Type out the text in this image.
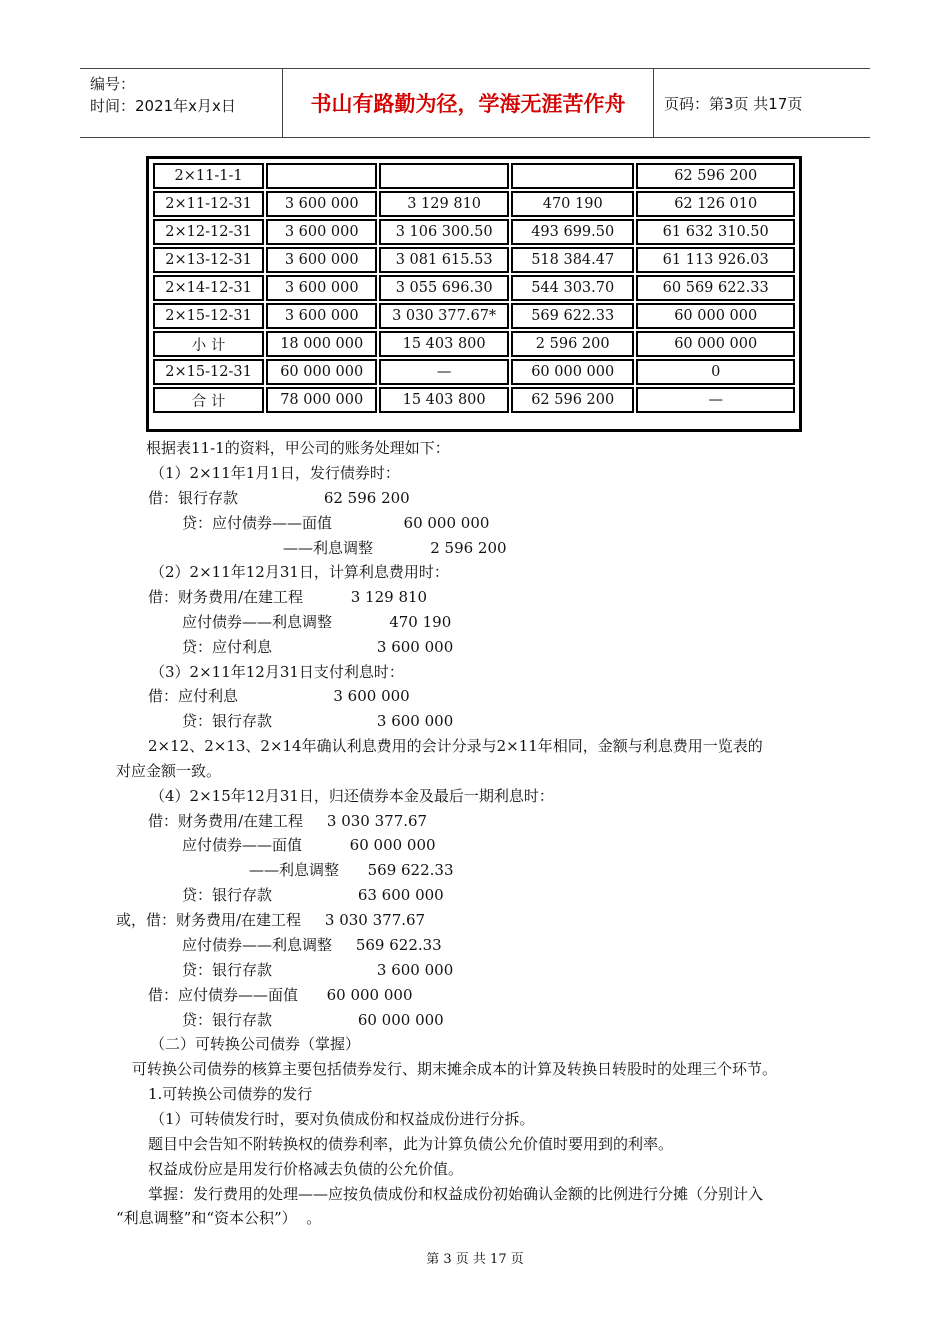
编号：
时间：2021年x月x日	书山有路勤为径，学海无涯苦作舟	页码：第3页 共17页
2×11-1-1				62 596 200
2×11-12-31	3 600 000	3 129 810	470 190	62 126 010
2×12-12-31	3 600 000	3 106 300.50	493 699.50	61 632 310.50
2×13-12-31	3 600 000	3 081 615.53	518 384.47	61 113 926.03
2×14-12-31	3 600 000	3 055 696.30	544 303.70	60 569 622.33
2×15-12-31	3 600 000	3 030 377.67*	569 622.33	60 000 000
小 计	18 000 000	15 403 800	2 596 200	60 000 000
2×15-12-31	60 000 000	—	60 000 000	0
合 计	78 000 000	15 403 800	62 596 200	—
根据表11-1的资料，甲公司的账务处理如下：
（1）2×11年1月1日，发行债券时：
借：银行存款                  62 596 200
贷：应付债券——面值               60 000 000
——利息调整            2 596 200
（2）2×11年12月31日，计算利息费用时：
借：财务费用/在建工程          3 129 810
应付债券——利息调整            470 190
贷：应付利息                      3 600 000
（3）2×11年12月31日支付利息时：
借：应付利息                    3 600 000
贷：银行存款                      3 600 000
2×12、2×13、2×14年确认利息费用的会计分录与2×11年相同，金额与利息费用一览表的
对应金额一致。
（4）2×15年12月31日，归还债券本金及最后一期利息时：
借：财务费用/在建工程     3 030 377.67
应付债券——面值          60 000 000
——利息调整      569 622.33
贷：银行存款                  63 600 000
或，借：财务费用/在建工程     3 030 377.67
应付债券——利息调整     569 622.33
贷：银行存款                      3 600 000
借：应付债券——面值      60 000 000
贷：银行存款                  60 000 000
（二）可转换公司债券（掌握）
可转换公司债券的核算主要包括债券发行、期末摊余成本的计算及转换日转股时的处理三个环节。
1.可转换公司债券的发行
（1）可转债发行时，要对负债成份和权益成份进行分拆。
题目中会告知不附转换权的债券利率，此为计算负债公允价值时要用到的利率。
权益成份应是用发行价格减去负债的公允价值。
掌握：发行费用的处理——应按负债成份和权益成份初始确认金额的比例进行分摊（分别计入
“利息调整”和“资本公积”）  。
第 3 页 共 17 页
